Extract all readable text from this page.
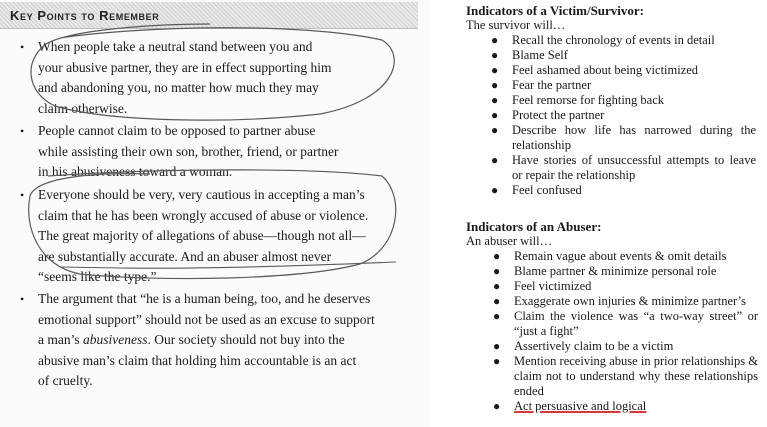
Key Points to Remember
• When people take a neutral stand between you and
your abusive partner, they are in effect supporting him
and abandoning you, no matter how much they may
claim otherwise.
• People cannot claim to be opposed to partner abuse
while assisting their own son, brother, friend, or partner
in his abusiveness toward a woman.
• Everyone should be very, very cautious in accepting a man’s
claim that he has been wrongly accused of abuse or violence.
The great majority of allegations of abuse—though not all—
are substantially accurate. And an abuser almost never
“seems like the type.”
• The argument that “he is a human being, too, and he deserves
emotional support” should not be used as an excuse to support
a man’s abusiveness. Our society should not buy into the
abusive man’s claim that holding him accountable is an act
of cruelty.
Indicators of a Victim/Survivor:
The survivor will…
● Recall the chronology of events in detail
● Blame Self
● Feel ashamed about being victimized
● Fear the partner
● Feel remorse for fighting back
● Protect the partner
● Describe how life has narrowed during the relationship
● Have stories of unsuccessful attempts to leave or repair the relationship
● Feel confused
Indicators of an Abuser:
An abuser will…
● Remain vague about events & omit details
● Blame partner & minimize personal role
● Feel victimized
● Exaggerate own injuries & minimize partner’s
● Claim the violence was “a two-way street” or “just a fight”
● Assertively claim to be a victim
● Mention receiving abuse in prior relationships & claim not to understand why these relationships ended
● Act persuasive and logical
